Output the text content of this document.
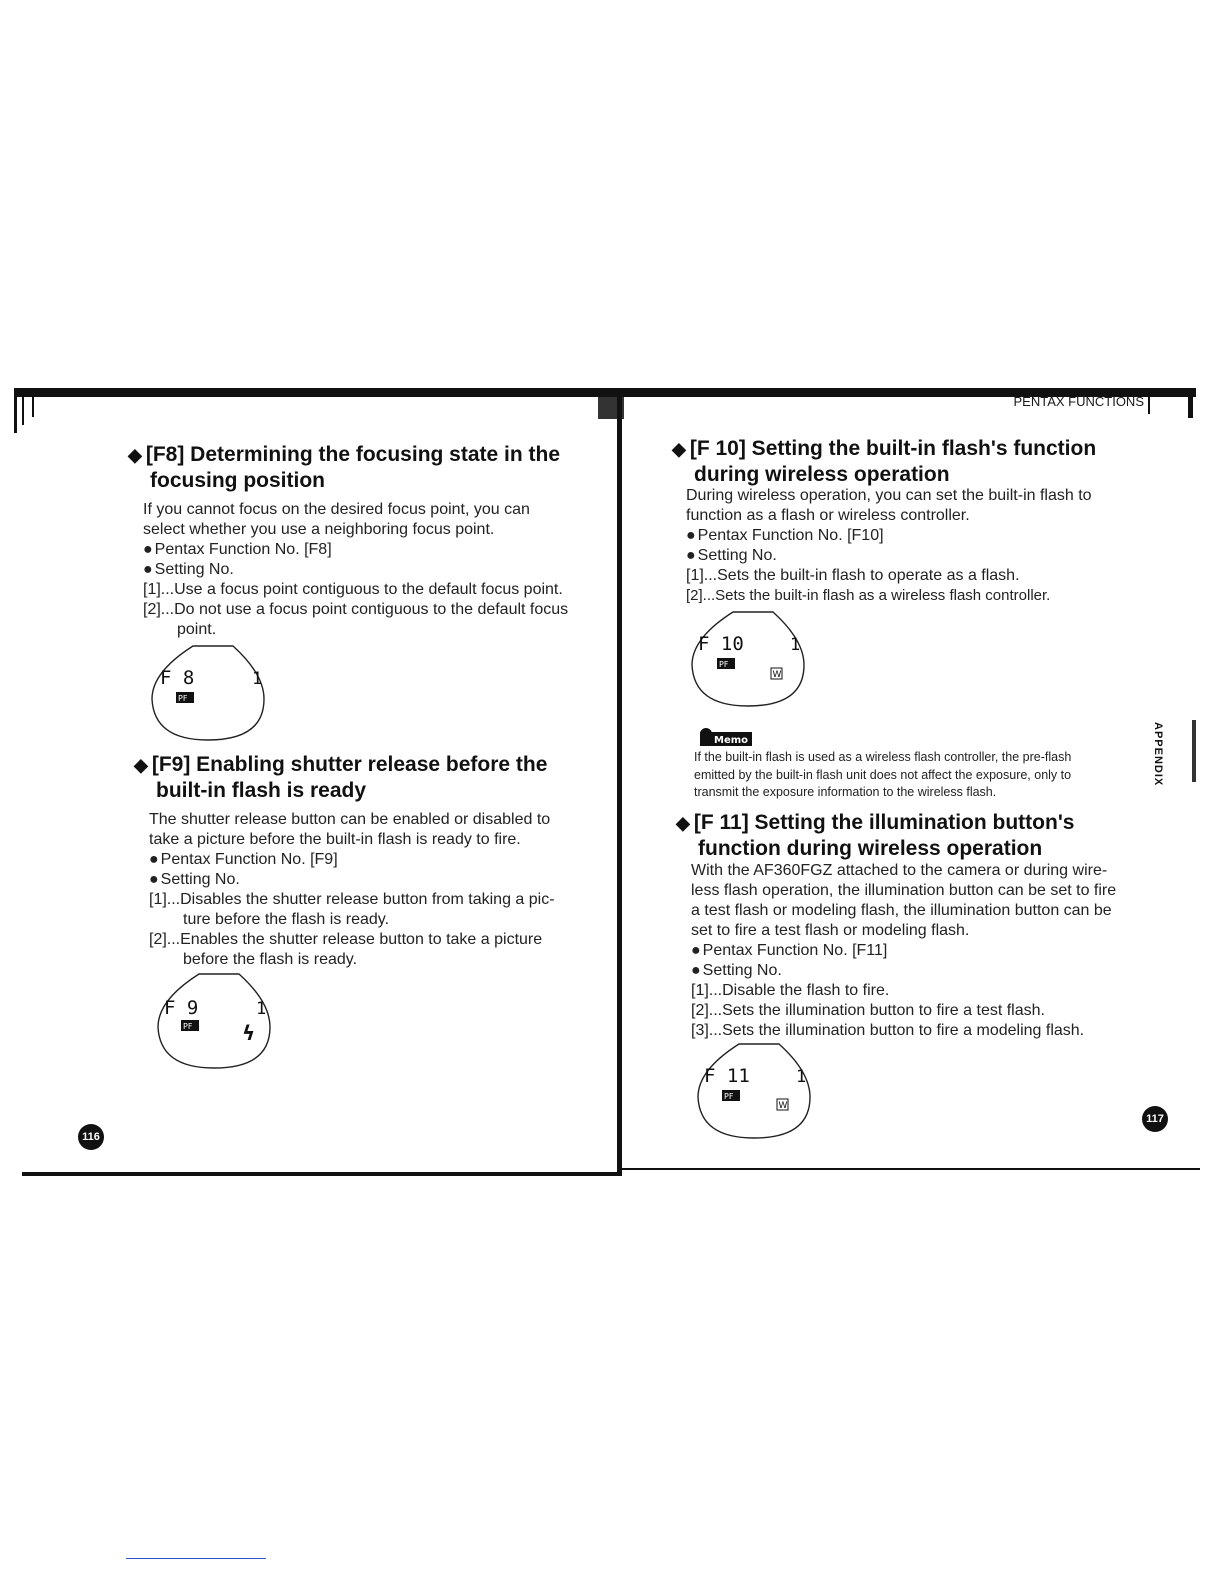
PENTAX FUNCTIONS
◆ [F8] Determining the focusing state in the
focusing position

If you cannot focus on the desired focus point, you can

select whether you use a neighboring focus point.

● Pentax Function No. [F8]

● Setting No.

[1]...Use a focus point contiguous to the default focus point.

[2]...Do not use a focus point contiguous to the default focus

point.

F 8	1
PF
◆ [F9] Enabling shutter release before the
built-in flash is ready

The shutter release button can be enabled or disabled to

take a picture before the built-in flash is ready to fire.

● Pentax Function No. [F9]

● Setting No.

[1]...Disables the shutter release button from taking a pic-

ture before the flash is ready.

[2]...Enables the shutter release button to take a picture

before the flash is ready.

F 9	1
PF ϟ
116
◆ [F 10] Setting the built-in flash's function
during wireless operation

During wireless operation, you can set the built-in flash to

function as a flash or wireless controller.

● Pentax Function No. [F10]

● Setting No.

[1]...Sets the built-in flash to operate as a flash.

[2]...Sets the built-in flash as a wireless flash controller.

F 10	1
PF
W
Memo
If the built-in flash is used as a wireless flash controller, the pre-flash
emitted by the built-in flash unit does not affect the exposure, only to
transmit the exposure information to the wireless flash.
◆ [F 11] Setting the illumination button's
function during wireless operation

With the AF360FGZ attached to the camera or during wire-

less flash operation, the illumination button can be set to fire

a test flash or modeling flash, the illumination button can be

set to fire a test flash or modeling flash.

● Pentax Function No. [F11]

● Setting No.

[1]...Disable the flash to fire.

[2]...Sets the illumination button to fire a test flash.

[3]...Sets the illumination button to fire a modeling flash.

F 11	1
PF
W
APPENDIX
117
